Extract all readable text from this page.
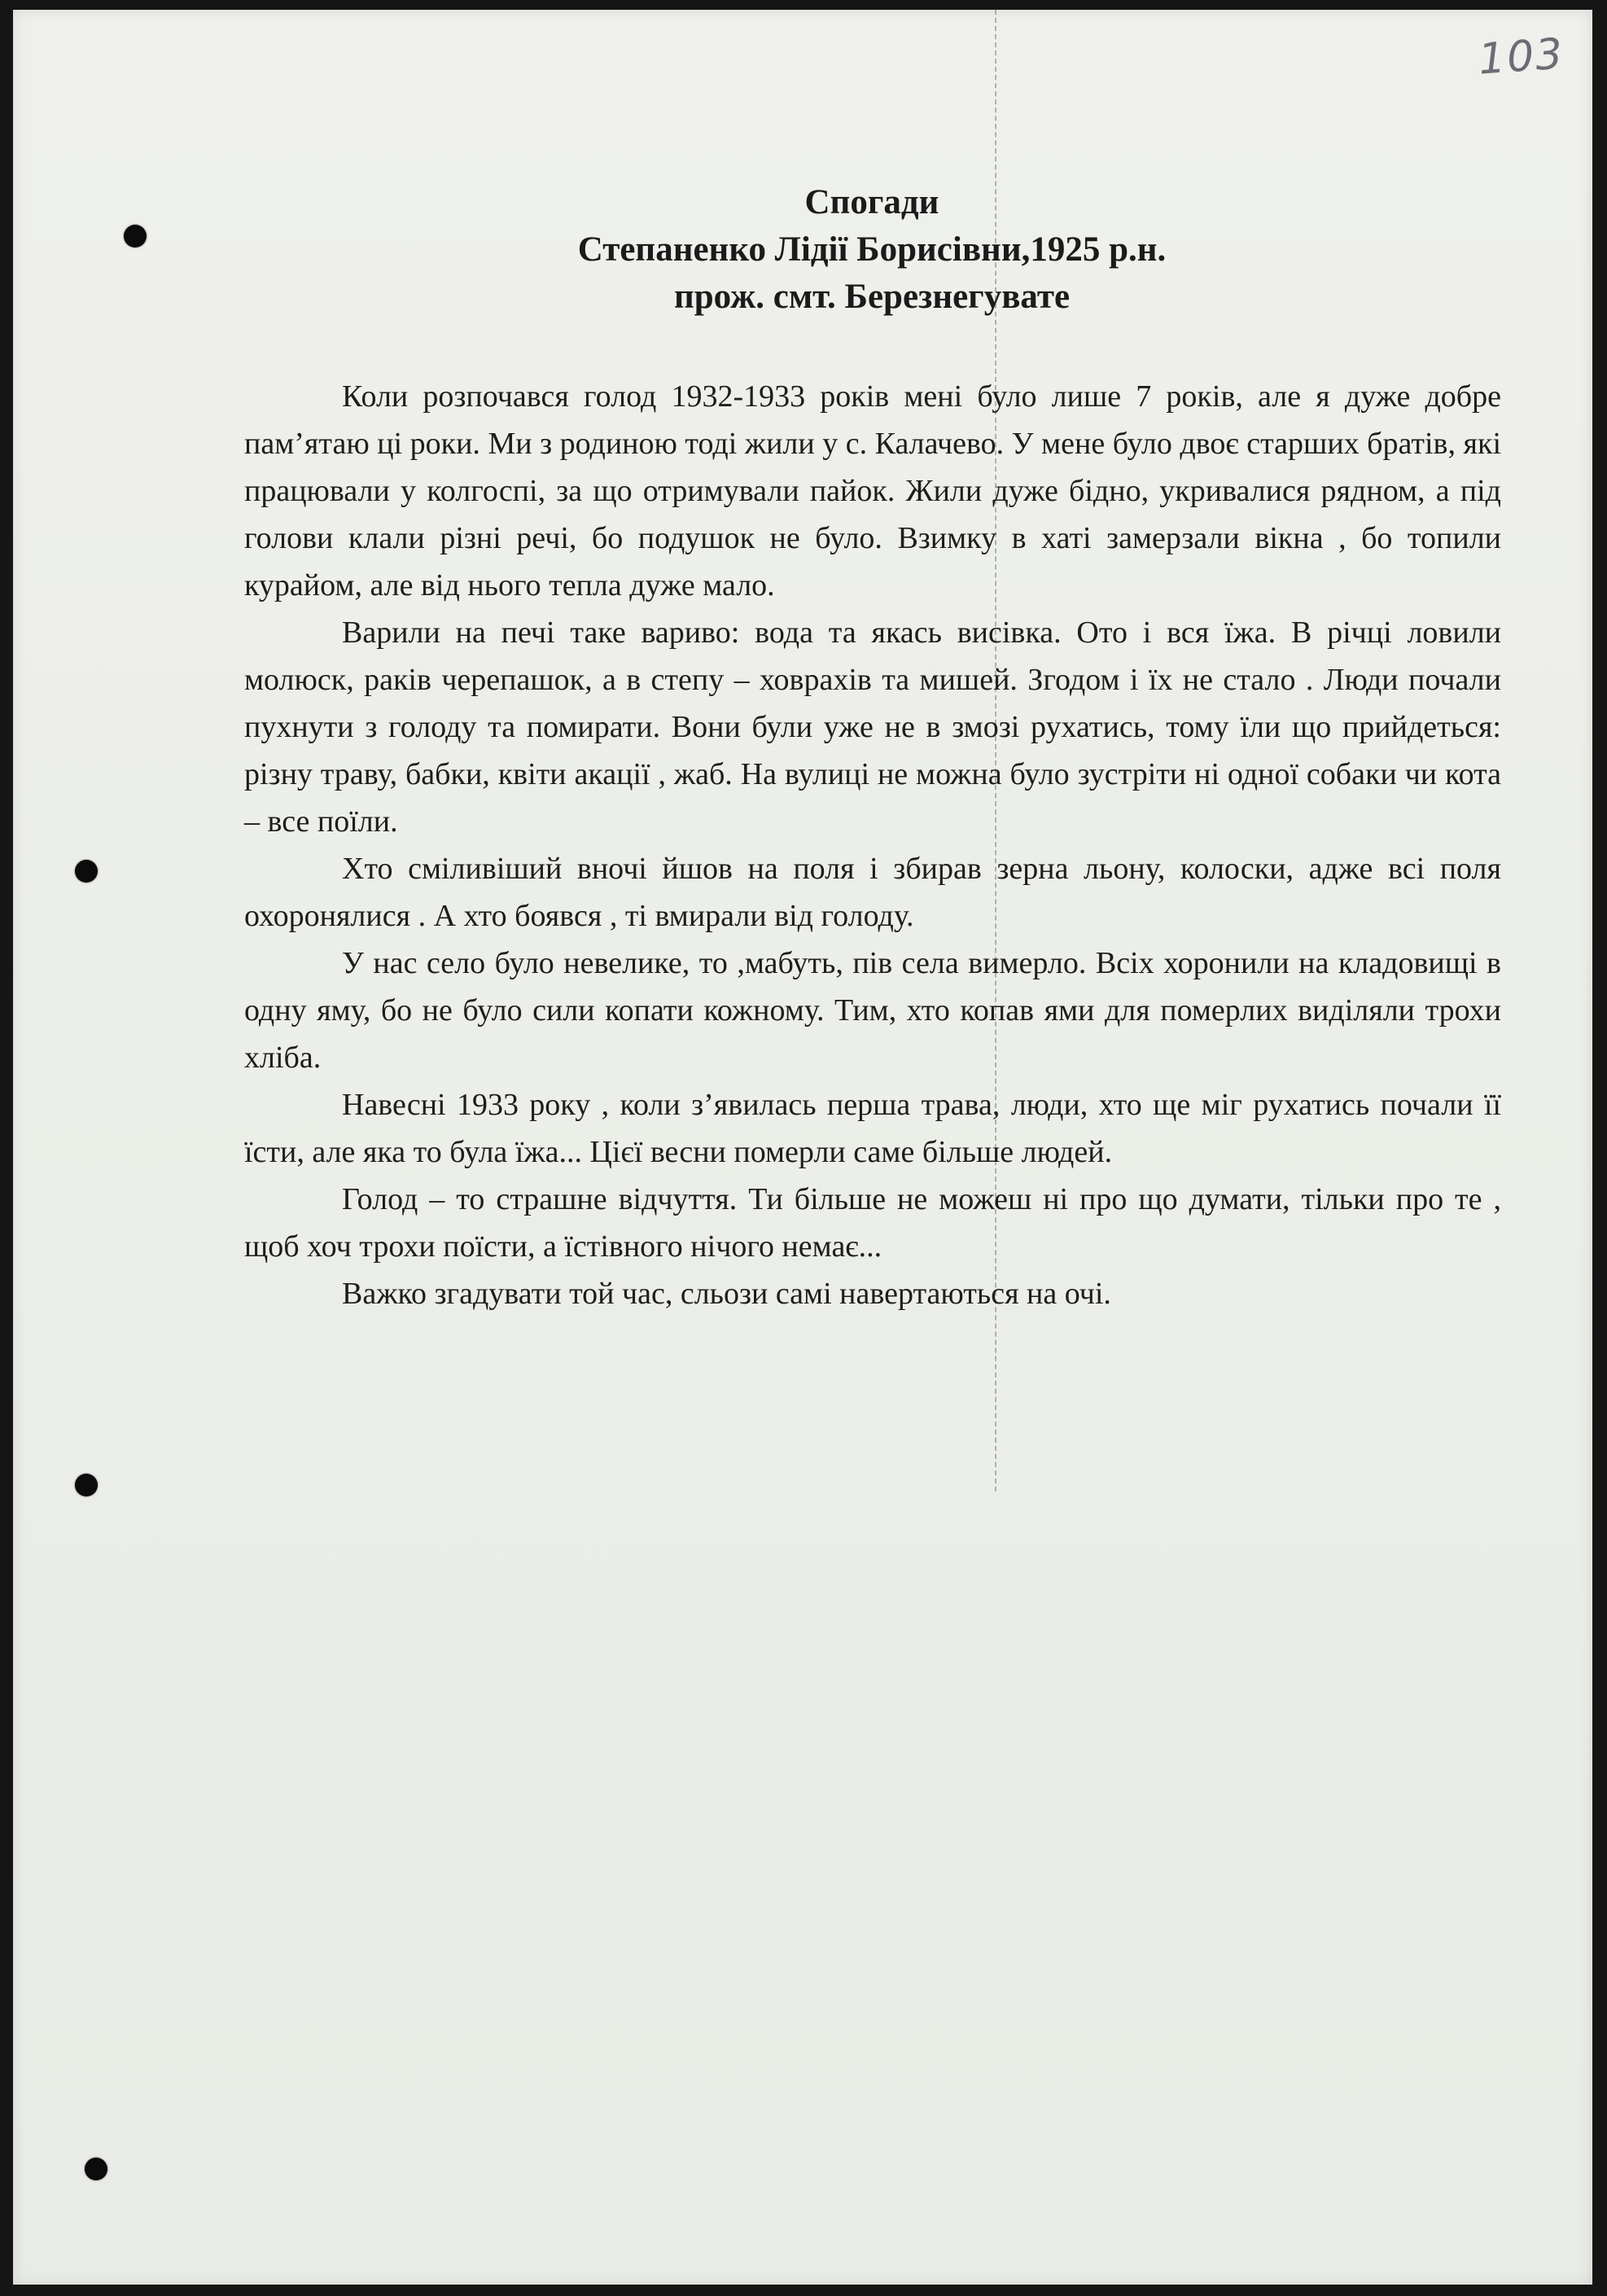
103
Спогади
Степаненко Лідії Борисівни,1925 р.н.
прож. смт. Березнегувате

Коли розпочався голод 1932-1933 років мені було лише 7 років, але я дуже добре пам’ятаю ці роки. Ми з родиною тоді жили у с. Калачево. У мене було двоє старших братів, які працювали у колгоспі, за що отримували пайок. Жили дуже бідно, укривалися рядном, а під голови клали різні речі, бо подушок не було. Взимку в хаті замерзали вікна , бо топили курайом, але від нього тепла дуже мало.

Варили на печі таке вариво: вода та якась висівка. Ото і вся їжа. В річці ловили молюск, раків черепашок, а в степу – ховрахів та мишей. Згодом і їх не стало . Люди почали пухнути з голоду та помирати. Вони були уже не в змозі рухатись, тому їли що прийдеться: різну траву, бабки, квіти акації , жаб. На вулиці не можна було зустріти ні одної собаки чи кота – все поїли.

Хто сміливіший вночі йшов на поля і збирав зерна льону, колоски, адже всі поля охоронялися . А хто боявся , ті вмирали від голоду.

У нас село було невелике, то ,мабуть, пів села вимерло. Всіх хоронили на кладовищі в одну яму, бо не було сили копати кожному. Тим, хто копав ями для померлих виділяли трохи хліба.

Навесні 1933 року , коли з’явилась перша трава, люди, хто ще міг рухатись почали її їсти, але яка то була їжа... Цієї весни померли саме більше людей.

Голод – то страшне відчуття. Ти більше не можеш ні про що думати, тільки про те , щоб хоч трохи поїсти, а їстівного нічого немає...

Важко згадувати той час, сльози самі навертаються на очі.
